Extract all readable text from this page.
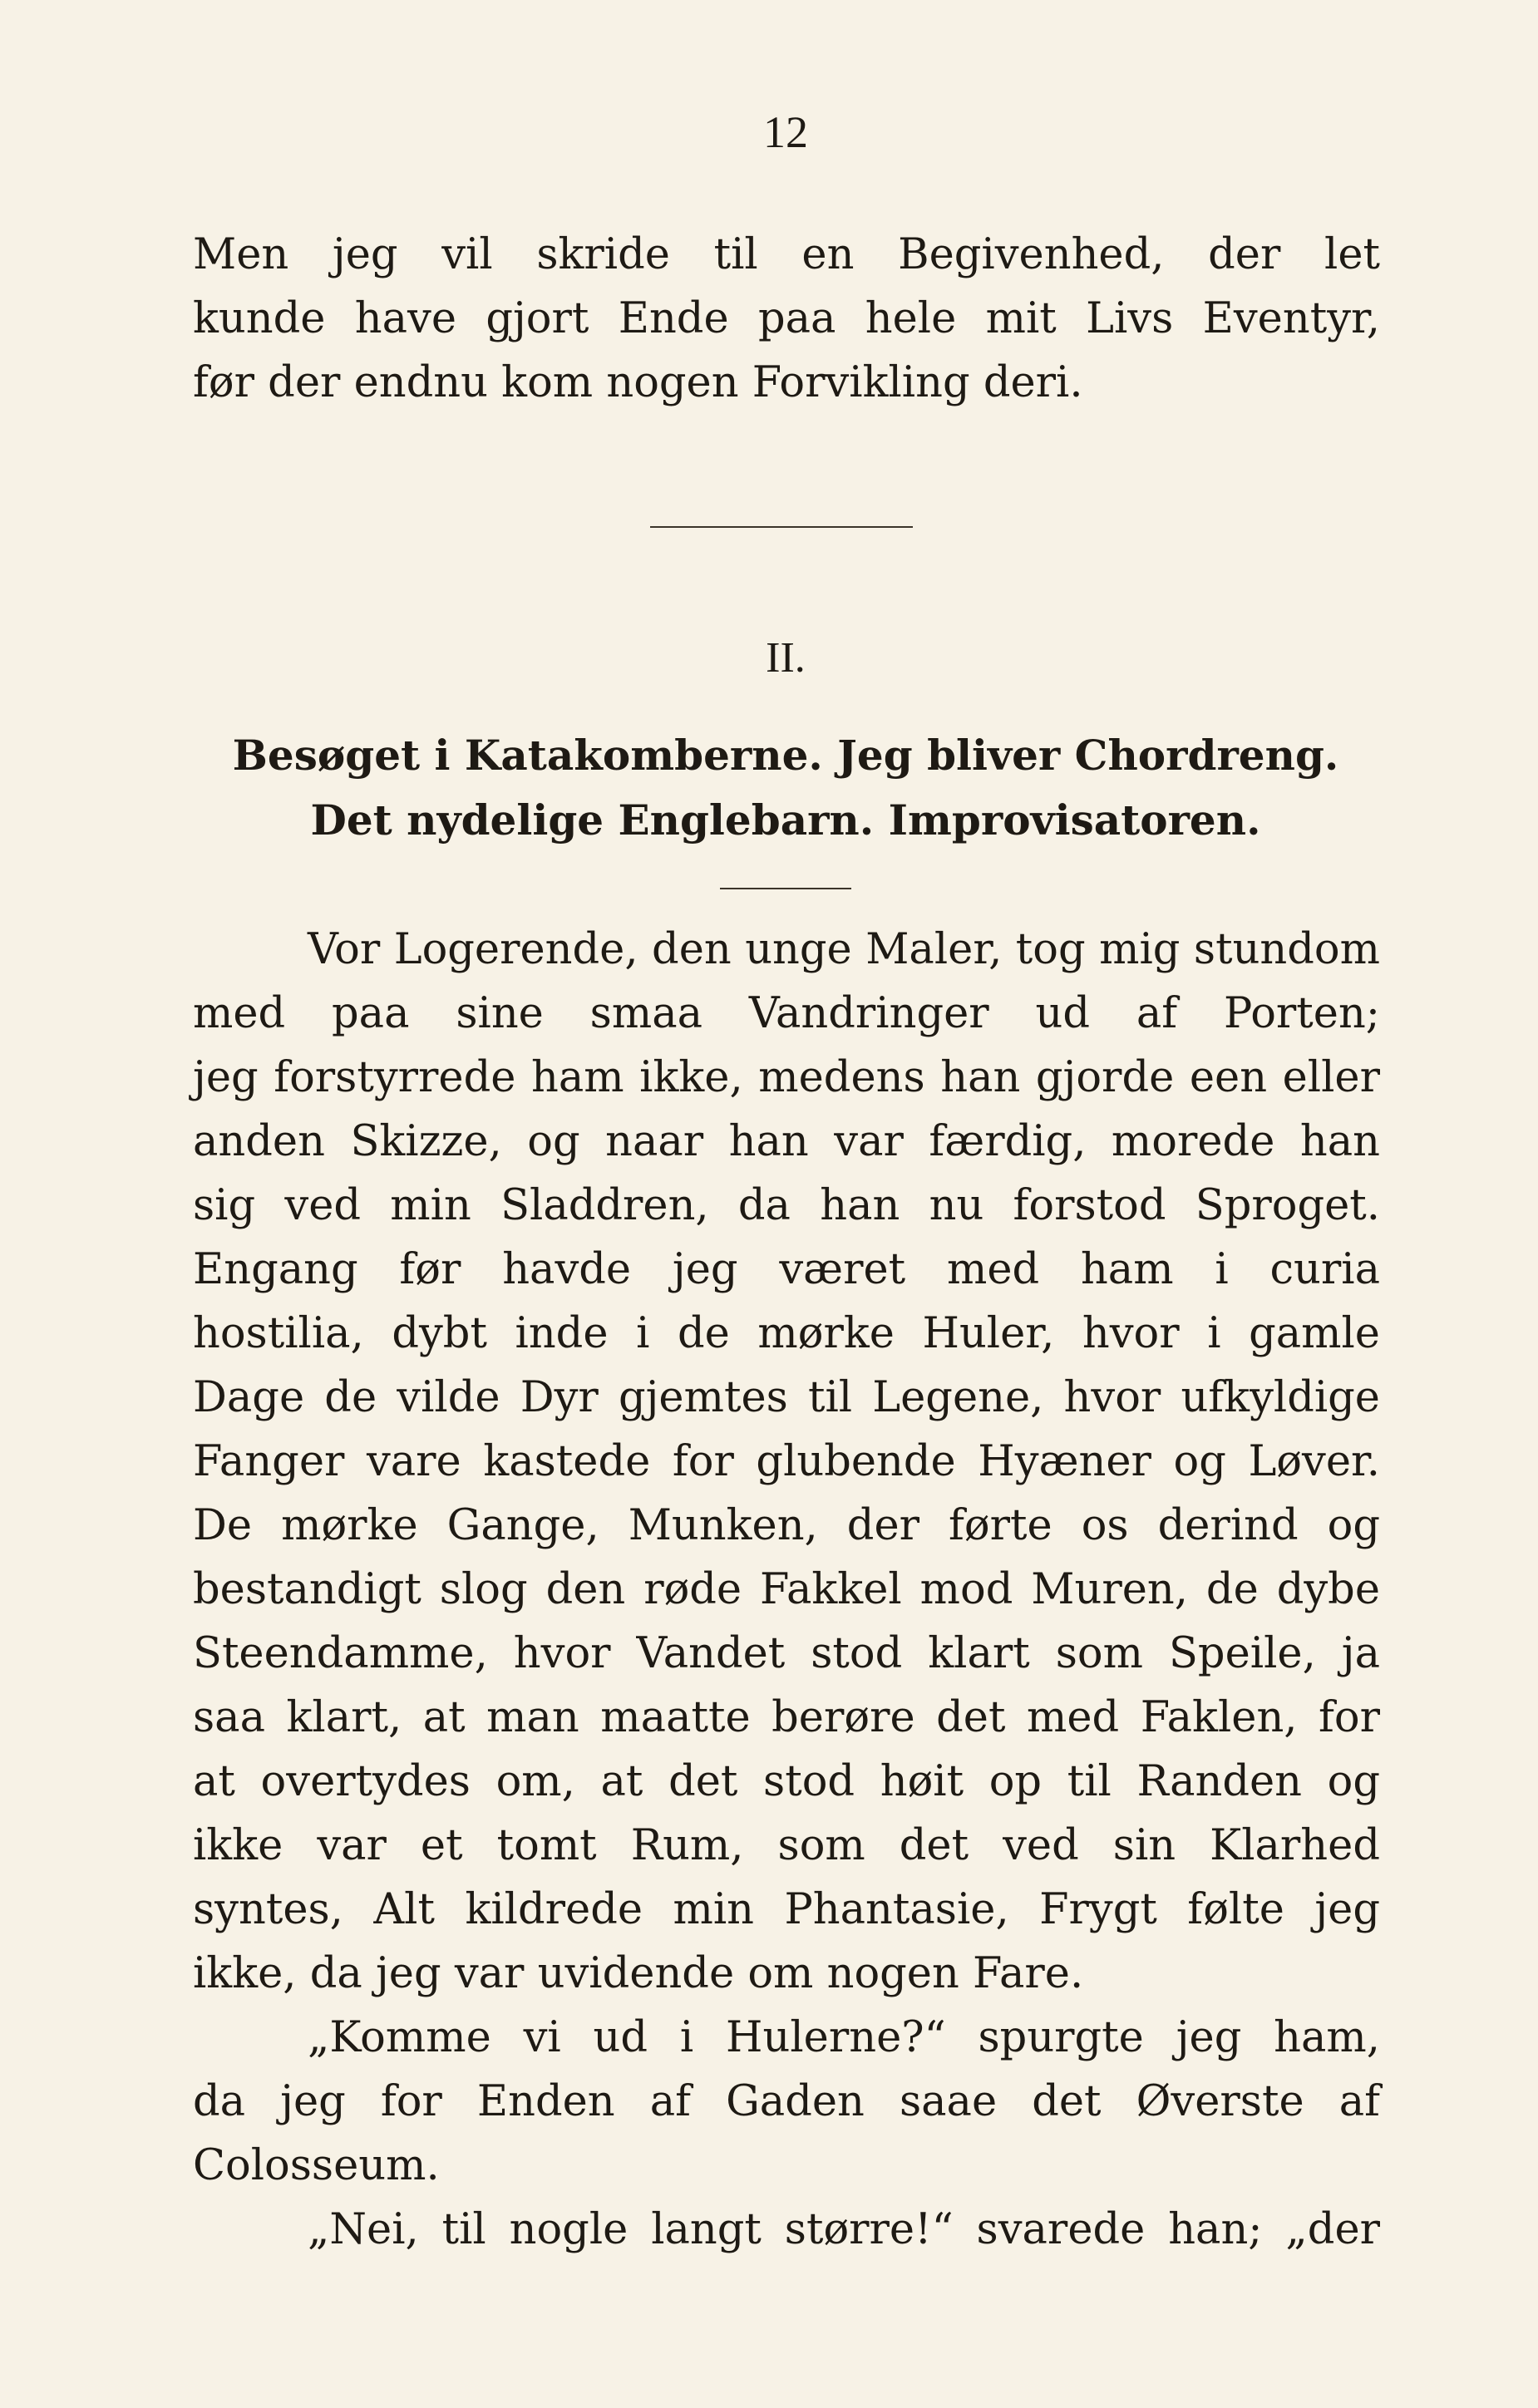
12
Men jeg vil skride til en Begivenhed, der let
kunde have gjort Ende paa hele mit Livs Eventyr,
før der endnu kom nogen Forvikling deri.
II.
Besøget i Katakomberne. Jeg bliver Chordreng.
Det nydelige Englebarn. Improvisatoren.
Vor Logerende, den unge Maler, tog mig stundom
med paa sine smaa Vandringer ud af Porten;
jeg forstyrrede ham ikke, medens han gjorde een eller
anden Skizze, og naar han var færdig, morede han
sig ved min Sladdren, da han nu forstod Sproget.
Engang før havde jeg været med ham i curia
hostilia, dybt inde i de mørke Huler, hvor i gamle
Dage de vilde Dyr gjemtes til Legene, hvor ufkyldige
Fanger vare kastede for glubende Hyæner og Løver.
De mørke Gange, Munken, der førte os derind og
bestandigt slog den røde Fakkel mod Muren, de dybe
Steendamme, hvor Vandet stod klart som Speile, ja
saa klart, at man maatte berøre det med Faklen, for
at overtydes om, at det stod høit op til Randen og
ikke var et tomt Rum, som det ved sin Klarhed
syntes, Alt kildrede min Phantasie, Frygt følte jeg
ikke, da jeg var uvidende om nogen Fare.
„Komme vi ud i Hulerne?“ spurgte jeg ham,
da jeg for Enden af Gaden saae det Øverste af
Colosseum.
„Nei, til nogle langt større!“ svarede han; „der
